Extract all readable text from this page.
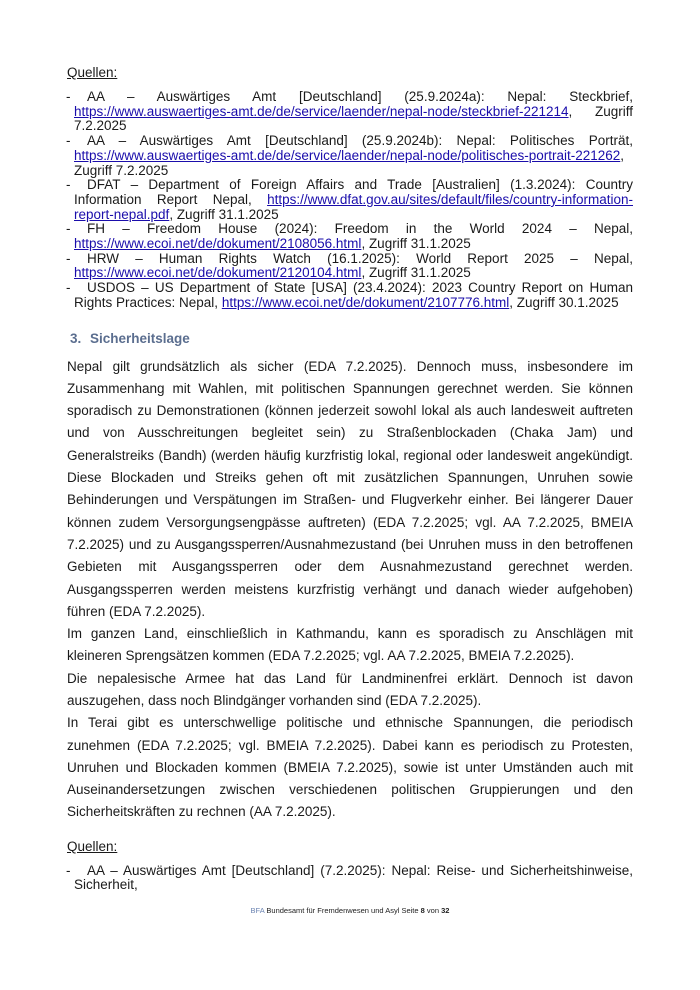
Quellen:
- AA – Auswärtiges Amt [Deutschland] (25.9.2024a): Nepal: Steckbrief, https://www.auswaertiges-amt.de/de/service/laender/nepal-node/steckbrief-221214, Zugriff 7.2.2025
- AA – Auswärtiges Amt [Deutschland] (25.9.2024b): Nepal: Politisches Porträt, https://www.auswaertiges-amt.de/de/service/laender/nepal-node/politisches-portrait-221262, Zugriff 7.2.2025
- DFAT – Department of Foreign Affairs and Trade [Australien] (1.3.2024): Country Information Report Nepal, https://www.dfat.gov.au/sites/default/files/country-information-report-nepal.pdf, Zugriff 31.1.2025
- FH – Freedom House (2024): Freedom in the World 2024 – Nepal, https://www.ecoi.net/de/dokument/2108056.html, Zugriff 31.1.2025
- HRW – Human Rights Watch (16.1.2025): World Report 2025 – Nepal, https://www.ecoi.net/de/dokument/2120104.html, Zugriff 31.1.2025
- USDOS – US Department of State [USA] (23.4.2024): 2023 Country Report on Human Rights Practices: Nepal, https://www.ecoi.net/de/dokument/2107776.html, Zugriff 30.1.2025
3. Sicherheitslage

Nepal gilt grundsätzlich als sicher (EDA 7.2.2025). Dennoch muss, insbesondere im Zusammenhang mit Wahlen, mit politischen Spannungen gerechnet werden. Sie können sporadisch zu Demonstrationen (können jederzeit sowohl lokal als auch landesweit auftreten und von Ausschreitungen begleitet sein) zu Straßenblockaden (Chaka Jam) und Generalstreiks (Bandh) (werden häufig kurzfristig lokal, regional oder landesweit angekündigt. Diese Blockaden und Streiks gehen oft mit zusätzlichen Spannungen, Unruhen sowie Behinderungen und Verspätungen im Straßen- und Flugverkehr einher. Bei längerer Dauer können zudem Versorgungsengpässe auftreten) (EDA 7.2.2025; vgl. AA 7.2.2025, BMEIA 7.2.2025) und zu Ausgangssperren/Ausnahmezustand (bei Unruhen muss in den betroffenen Gebieten mit Ausgangssperren oder dem Ausnahmezustand gerechnet werden. Ausgangssperren werden meistens kurzfristig verhängt und danach wieder aufgehoben) führen (EDA 7.2.2025).

Im ganzen Land, einschließlich in Kathmandu, kann es sporadisch zu Anschlägen mit kleineren Sprengsätzen kommen (EDA 7.2.2025; vgl. AA 7.2.2025, BMEIA 7.2.2025).

Die nepalesische Armee hat das Land für Landminenfrei erklärt. Dennoch ist davon auszugehen, dass noch Blindgänger vorhanden sind (EDA 7.2.2025).

In Terai gibt es unterschwellige politische und ethnische Spannungen, die periodisch zunehmen (EDA 7.2.2025; vgl. BMEIA 7.2.2025). Dabei kann es periodisch zu Protesten, Unruhen und Blockaden kommen (BMEIA 7.2.2025), sowie ist unter Umständen auch mit Auseinandersetzungen zwischen verschiedenen politischen Gruppierungen und den Sicherheitskräften zu rechnen (AA 7.2.2025).

Quellen:
- AA – Auswärtiges Amt [Deutschland] (7.2.2025): Nepal: Reise- und Sicherheitshinweise, Sicherheit,
BFA Bundesamt für Fremdenwesen und Asyl Seite 8 von 32
